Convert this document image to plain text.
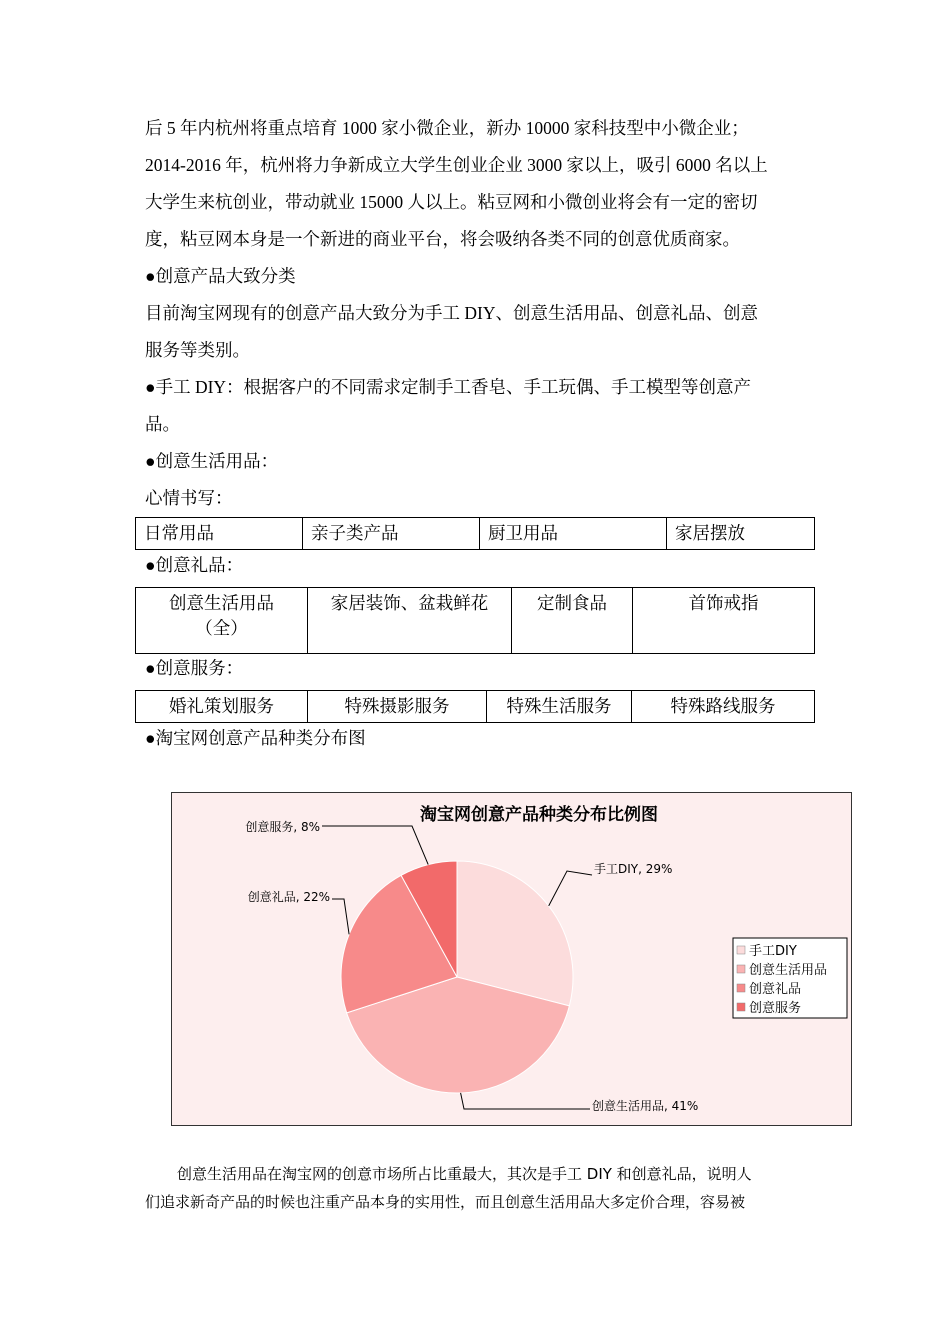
后 5 年内杭州将重点培育 1000 家小微企业，新办 10000 家科技型中小微企业；

2014-2016 年，杭州将力争新成立大学生创业企业 3000 家以上，吸引 6000 名以上

大学生来杭创业，带动就业 15000 人以上。粘豆网和小微创业将会有一定的密切

度，粘豆网本身是一个新进的商业平台，将会吸纳各类不同的创意优质商家。

●创意产品大致分类

目前淘宝网现有的创意产品大致分为手工 DIY、创意生活用品、创意礼品、创意

服务等类别。

●手工 DIY：根据客户的不同需求定制手工香皂、手工玩偶、手工模型等创意产

品。

●创意生活用品：

心情书写：

日常用品	亲子类产品	厨卫用品	家居摆放

●创意礼品：

创意生活用品
（全）
	家居装饰、盆栽鲜花	定制食品	首饰戒指

●创意服务：

婚礼策划服务	特殊摄影服务	特殊生活服务	特殊路线服务

●淘宝网创意产品种类分布图

淘宝网创意产品种类分布比例图
手工DIY, 29%
创意生活用品, 41%
创意礼品, 22%
创意服务, 8%
手工DIY
创意生活用品
创意礼品
创意服务

创意生活用品在淘宝网的创意市场所占比重最大，其次是手工 DIY 和创意礼品，说明人

们追求新奇产品的时候也注重产品本身的实用性，而且创意生活用品大多定价合理，容易被
